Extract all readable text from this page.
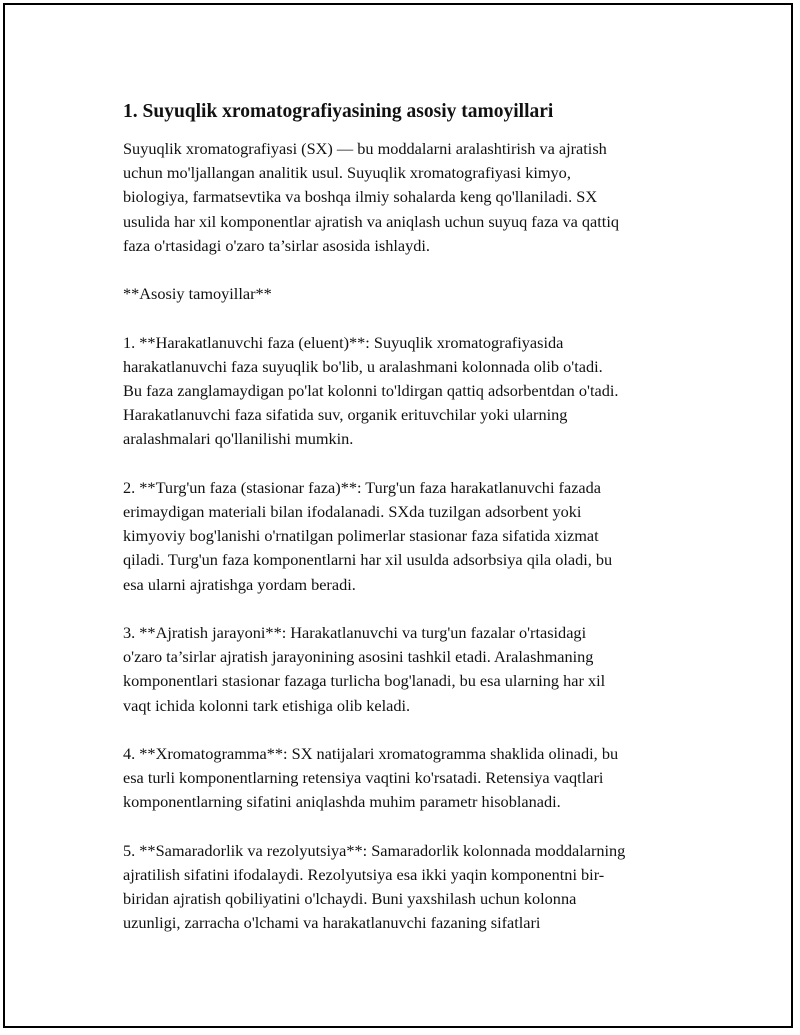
1. Suyuqlik xromatografiyasining asosiy tamoyillari
Suyuqlik xromatografiyasi (SX) — bu moddalarni aralashtirish va ajratish
uchun mo'ljallangan analitik usul. Suyuqlik xromatografiyasi kimyo,
biologiya, farmatsevtika va boshqa ilmiy sohalarda keng qo'llaniladi. SX
usulida har xil komponentlar ajratish va aniqlash uchun suyuq faza va qattiq
faza o'rtasidagi o'zaro ta’sirlar asosida ishlaydi.
**Asosiy tamoyillar**
1. **Harakatlanuvchi faza (eluent)**: Suyuqlik xromatografiyasida
harakatlanuvchi faza suyuqlik bo'lib, u aralashmani kolonnada olib o'tadi.
Bu faza zanglamaydigan po'lat kolonni to'ldirgan qattiq adsorbentdan o'tadi.
Harakatlanuvchi faza sifatida suv, organik erituvchilar yoki ularning
aralashmalari qo'llanilishi mumkin.
2. **Turg'un faza (stasionar faza)**: Turg'un faza harakatlanuvchi fazada
erimaydigan materiali bilan ifodalanadi. SXda tuzilgan adsorbent yoki
kimyoviy bog'lanishi o'rnatilgan polimerlar stasionar faza sifatida xizmat
qiladi. Turg'un faza komponentlarni har xil usulda adsorbsiya qila oladi, bu
esa ularni ajratishga yordam beradi.
3. **Ajratish jarayoni**: Harakatlanuvchi va turg'un fazalar o'rtasidagi
o'zaro ta’sirlar ajratish jarayonining asosini tashkil etadi. Aralashmaning
komponentlari stasionar fazaga turlicha bog'lanadi, bu esa ularning har xil
vaqt ichida kolonni tark etishiga olib keladi.
4. **Xromatogramma**: SX natijalari xromatogramma shaklida olinadi, bu
esa turli komponentlarning retensiya vaqtini ko'rsatadi. Retensiya vaqtlari
komponentlarning sifatini aniqlashda muhim parametr hisoblanadi.
5. **Samaradorlik va rezolyutsiya**: Samaradorlik kolonnada moddalarning
ajratilish sifatini ifodalaydi. Rezolyutsiya esa ikki yaqin komponentni bir-
biridan ajratish qobiliyatini o'lchaydi. Buni yaxshilash uchun kolonna
uzunligi, zarracha o'lchami va harakatlanuvchi fazaning sifatlari
